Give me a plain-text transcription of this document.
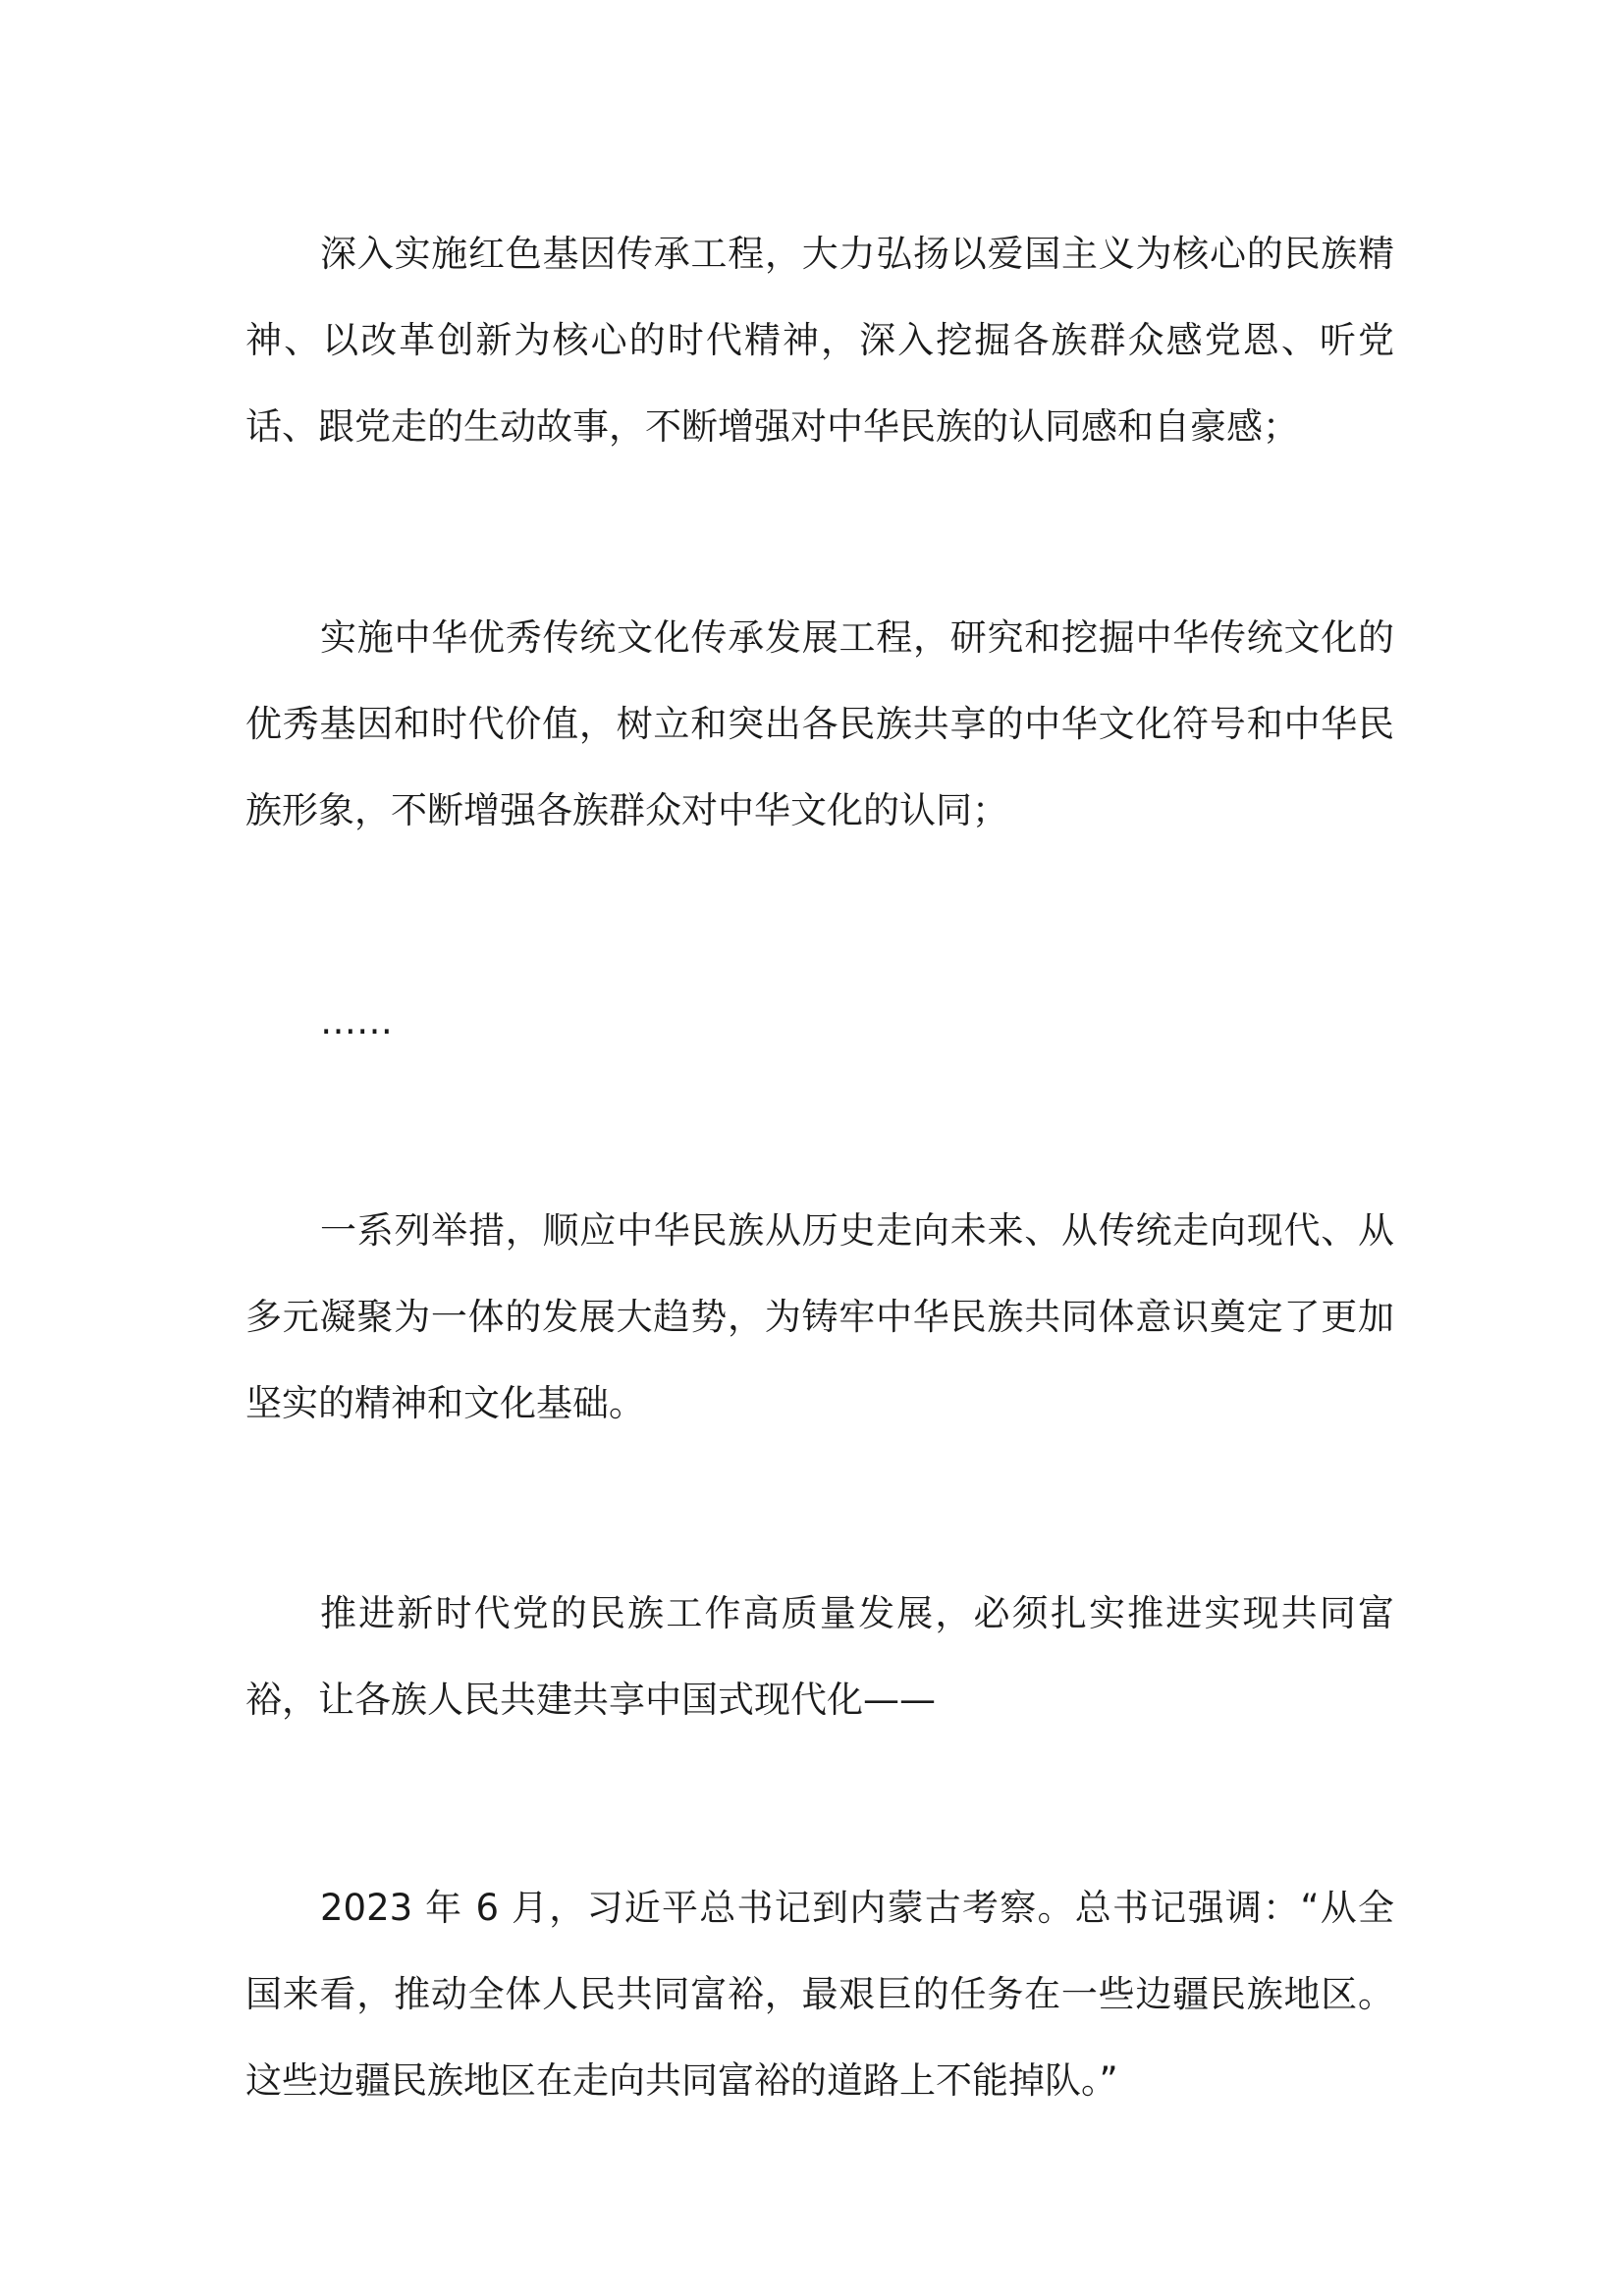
深入实施红色基因传承工程，大力弘扬以爱国主义为核心的民族精神、以改革创新为核心的时代精神，深入挖掘各族群众感党恩、听党话、跟党走的生动故事，不断增强对中华民族的认同感和自豪感；

实施中华优秀传统文化传承发展工程，研究和挖掘中华传统文化的优秀基因和时代价值，树立和突出各民族共享的中华文化符号和中华民族形象，不断增强各族群众对中华文化的认同；

……

一系列举措，顺应中华民族从历史走向未来、从传统走向现代、从多元凝聚为一体的发展大趋势，为铸牢中华民族共同体意识奠定了更加坚实的精神和文化基础。

推进新时代党的民族工作高质量发展，必须扎实推进实现共同富裕，让各族人民共建共享中国式现代化——

2023 年 6 月，习近平总书记到内蒙古考察。总书记强调：“从全国来看，推动全体人民共同富裕，最艰巨的任务在一些边疆民族地区。这些边疆民族地区在走向共同富裕的道路上不能掉队。”
